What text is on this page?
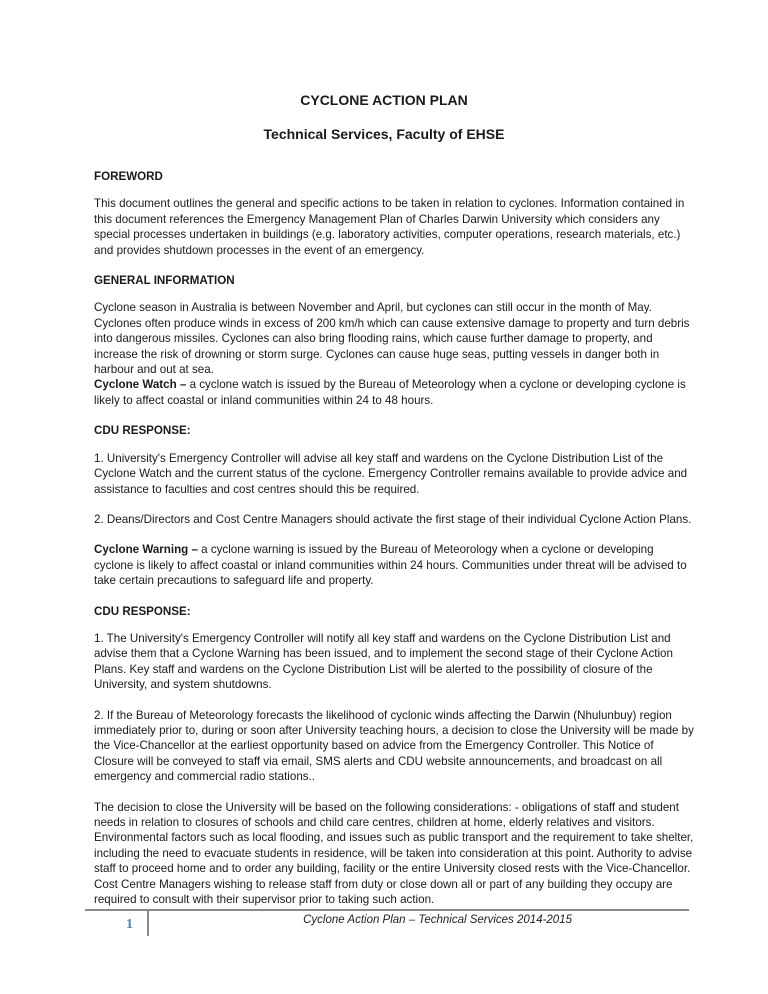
CYCLONE ACTION PLAN
Technical Services, Faculty of EHSE
FOREWORD

This document outlines the general and specific actions to be taken in relation to cyclones. Information contained in this document references the Emergency Management Plan of Charles Darwin University which considers any special processes undertaken in buildings (e.g. laboratory activities, computer operations, research materials, etc.) and provides shutdown processes in the event of an emergency.

GENERAL INFORMATION

Cyclone season in Australia is between November and April, but cyclones can still occur in the month of May. Cyclones often produce winds in excess of 200 km/h which can cause extensive damage to property and turn debris into dangerous missiles. Cyclones can also bring flooding rains, which cause further damage to property, and increase the risk of drowning or storm surge. Cyclones can cause huge seas, putting vessels in danger both in harbour and out at sea.

Cyclone Watch – a cyclone watch is issued by the Bureau of Meteorology when a cyclone or developing cyclone is likely to affect coastal or inland communities within 24 to 48 hours.

CDU RESPONSE:

1. University's Emergency Controller will advise all key staff and wardens on the Cyclone Distribution List of the Cyclone Watch and the current status of the cyclone. Emergency Controller remains available to provide advice and assistance to faculties and cost centres should this be required.

2. Deans/Directors and Cost Centre Managers should activate the first stage of their individual Cyclone Action Plans.

Cyclone Warning – a cyclone warning is issued by the Bureau of Meteorology when a cyclone or developing cyclone is likely to affect coastal or inland communities within 24 hours. Communities under threat will be advised to take certain precautions to safeguard life and property.

CDU RESPONSE:

1. The University's Emergency Controller will notify all key staff and wardens on the Cyclone Distribution List and advise them that a Cyclone Warning has been issued, and to implement the second stage of their Cyclone Action Plans. Key staff and wardens on the Cyclone Distribution List will be alerted to the possibility of closure of the University, and system shutdowns.

2. If the Bureau of Meteorology forecasts the likelihood of cyclonic winds affecting the Darwin (Nhulunbuy) region immediately prior to, during or soon after University teaching hours, a decision to close the University will be made by the Vice-Chancellor at the earliest opportunity based on advice from the Emergency Controller. This Notice of Closure will be conveyed to staff via email, SMS alerts and CDU website announcements, and broadcast on all emergency and commercial radio stations..

The decision to close the University will be based on the following considerations: - obligations of staff and student needs in relation to closures of schools and child care centres, children at home, elderly relatives and visitors. Environmental factors such as local flooding, and issues such as public transport and the requirement to take shelter, including the need to evacuate students in residence, will be taken into consideration at this point. Authority to advise staff to proceed home and to order any building, facility or the entire University closed rests with the Vice-Chancellor. Cost Centre Managers wishing to release staff from duty or close down all or part of any building they occupy are required to consult with their supervisor prior to taking such action.

1	Cyclone Action Plan – Technical Services 2014-2015
